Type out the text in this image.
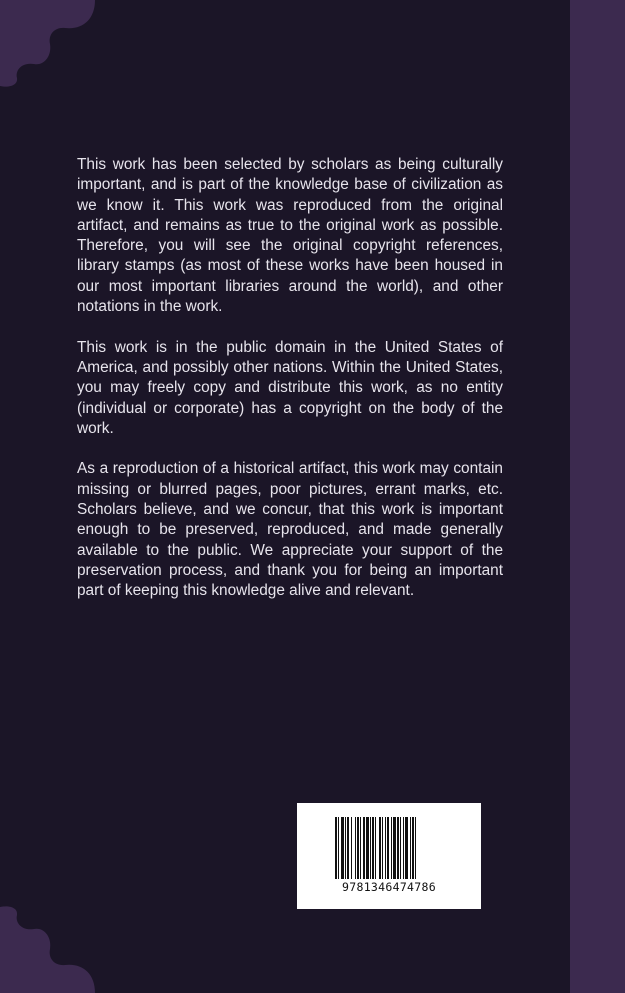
This work has been selected by scholars as being culturally important, and is part of the knowledge base of civilization as we know it. This work was reproduced from the original artifact, and remains as true to the original work as possible. Therefore, you will see the original copyright references, library stamps (as most of these works have been housed in our most important libraries around the world), and other notations in the work.

This work is in the public domain in the United States of America, and possibly other nations. Within the United States, you may freely copy and distribute this work, as no entity (individual or corporate) has a copyright on the body of the work.

As a reproduction of a historical artifact, this work may contain missing or blurred pages, poor pictures, errant marks, etc. Scholars believe, and we concur, that this work is important enough to be preserved, reproduced, and made generally available to the public. We appreciate your support of the preservation process, and thank you for being an important part of keeping this knowledge alive and relevant.

9781346474786
